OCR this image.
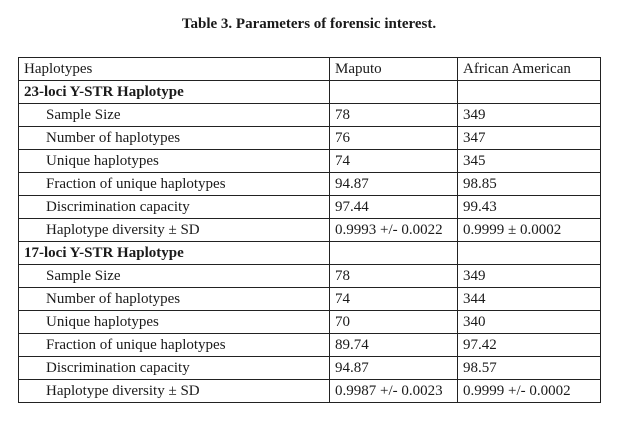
Table 3. Parameters of forensic interest.
Haplotypes	Maputo	African American
23-loci Y-STR Haplotype		
Sample Size	78	349
Number of haplotypes	76	347
Unique haplotypes	74	345
Fraction of unique haplotypes	94.87	98.85
Discrimination capacity	97.44	99.43
Haplotype diversity ± SD	0.9993 +/- 0.0022	0.9999 ± 0.0002
17-loci Y-STR Haplotype		
Sample Size	78	349
Number of haplotypes	74	344
Unique haplotypes	70	340
Fraction of unique haplotypes	89.74	97.42
Discrimination capacity	94.87	98.57
Haplotype diversity ± SD	0.9987 +/- 0.0023	0.9999 +/- 0.0002
